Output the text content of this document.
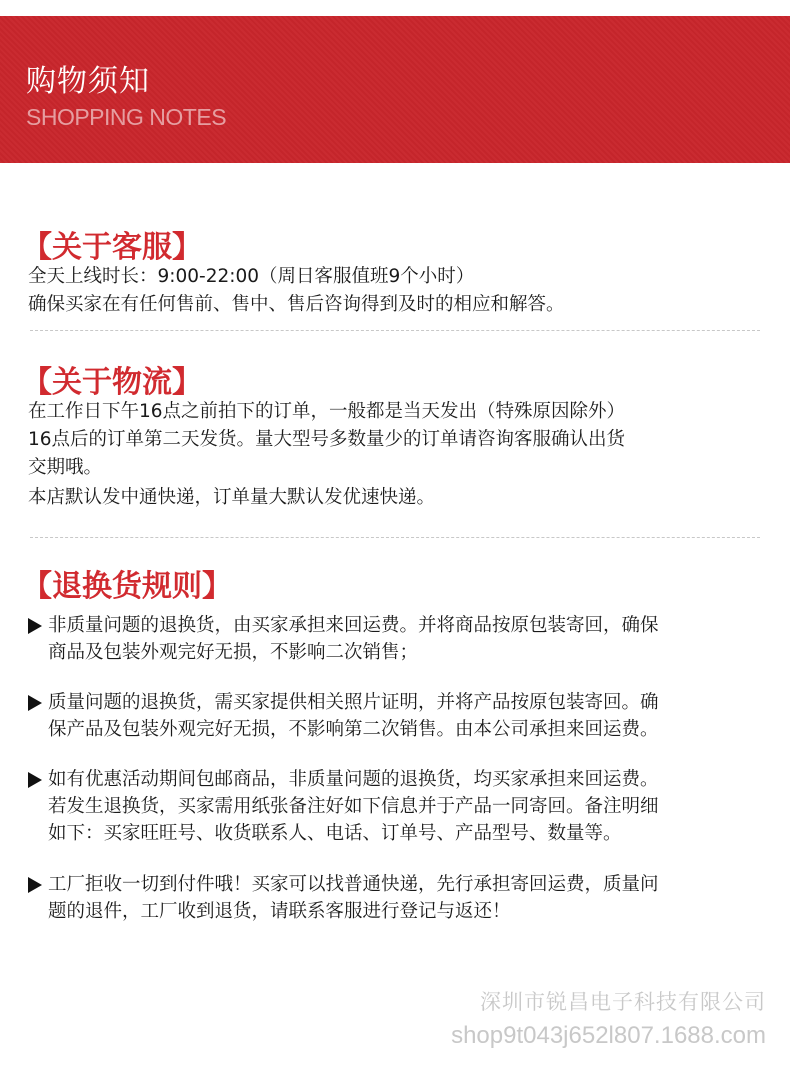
购物须知
SHOPPING NOTES
【关于客服】
全天上线时长：9:00-22:00（周日客服值班9个小时）
确保买家在有任何售前、售中、售后咨询得到及时的相应和解答。
【关于物流】
在工作日下午16点之前拍下的订单，一般都是当天发出（特殊原因除外）
16点后的订单第二天发货。量大型号多数量少的订单请咨询客服确认出货
交期哦。
本店默认发中通快递，订单量大默认发优速快递。
【退换货规则】
非质量问题的退换货，由买家承担来回运费。并将商品按原包装寄回，确保
商品及包装外观完好无损，不影响二次销售；
质量问题的退换货，需买家提供相关照片证明，并将产品按原包装寄回。确
保产品及包装外观完好无损，不影响第二次销售。由本公司承担来回运费。
如有优惠活动期间包邮商品，非质量问题的退换货，均买家承担来回运费。
若发生退换货，买家需用纸张备注好如下信息并于产品一同寄回。备注明细
如下：买家旺旺号、收货联系人、电话、订单号、产品型号、数量等。
工厂拒收一切到付件哦！买家可以找普通快递，先行承担寄回运费，质量问
题的退件，工厂收到退货，请联系客服进行登记与返还！
深圳市锐昌电子科技有限公司
shop9t043j652l807.1688.com
